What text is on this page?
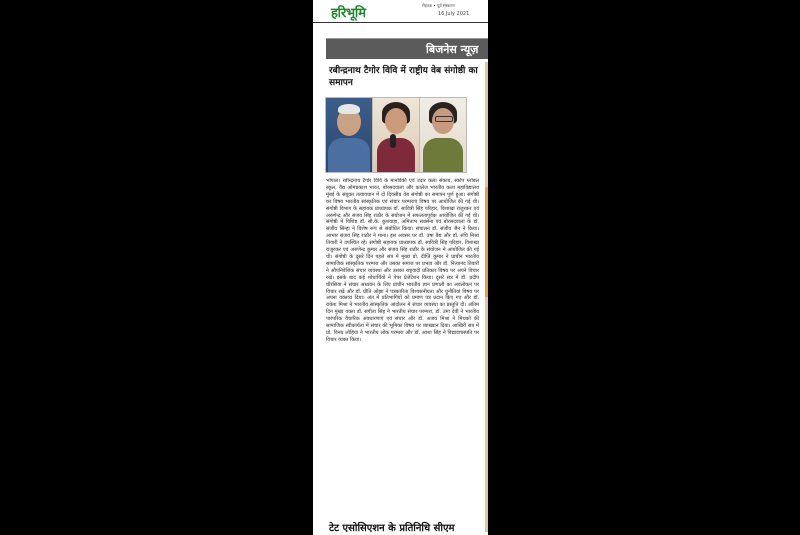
हरिभूमि
रोहतक • पूर्व संस्करण
16 July 2021
बिजनेस न्यूज़
रबीन्द्रनाथ टैगोर विवि में राष्ट्रीय वेब संगोष्ठी का समापन

भोपाल। रबीन्द्रनाथ टैगोर विवि के मानविकी एवं उदार कला संकाय, स्कोप ग्लोबल स्कूल, वैद्य ओमप्रकाश भारत, बोरसदवाला और कालेज भारतीय कला महाविद्यालय मुंबई के संयुक्त तत्वावधान में दो दिवसीय वेब संगोष्ठी का समापन पूर्ण हुआ। संगोष्ठी का विषय भारतीय सांस्कृतिक एवं संचार परम्पराएं विषय पर आयोजित की गई थी। संगोष्ठी विभाग के सहायक प्राध्यापक डॉ. सावित्री सिंह परिहार, विशाखा राजुरकर एवं अरुणेन्द्र और संजय सिंह राठौर के संयोजन में सफलतापूर्वक आयोजित की गई थी। संगोष्ठी में विशिष्ट डॉ. सी.के. कुशवाहा, अमिताभ सक्सेना एवं बोरसदवाला के डॉ. संजीव सिन्हा ने विशेष रूप से संबोधित किया। संचालन डॉ. संजीव जैन ने किया। आभार संजय सिंह राठौर ने माना। इस अवसर पर डॉ. उषा वैद्य और डॉ. रुचि मिश्रा तिवारी ने उपस्थित रहे। संगोष्ठी सहायक प्राध्यापक डॉ. सावित्री सिंह परिहार, विशाखा राजुरकर एवं अरुणेन्द्र कुमार और संजय सिंह राठौर के संयोजन में आयोजित की गई थी। संगोष्ठी के दूसरे दिन पहले सत्र में मुख्य प्रो. दीप्ति कुमार ने प्राचीन भारतीय सामाजिक सांस्कृतिक परम्परा और उसका समाज पर प्रभाव और डॉ. नित्यानंद तिवारी ने औपनिवेशिक संचार व्यवस्था और उसका राष्ट्रवादी प्रतिकार विषय पर अपने विचार रखे। इसके बाद कई शोधार्थियों ने पेपर प्रेजेंटेशन किया। दूसरे सत्र में डॉ. प्रदीप चौरसिया ने संचार अध्ययन के लिए प्राचीन भारतीय ज्ञान प्रणाली का अवलोकन पर विचार रखे और डॉ. प्रीति ओझा ने पत्रकारिता विश्वसनीयता और चुनौतियां विषय पर अपना वक्तव्य दिया। अंत में प्रतिभागियों को प्रमाण पत्र प्रदान किए गए और डॉ. राकेश मिश्रा ने भारतीय सांस्कृतिक आंदोलन में संचार व्यवस्था का प्रस्तुति दी। अंतिम दिन मुख्य वक्ता डॉ. संगीता सिंह ने भारतीय संचार परम्परा, डॉ. उमा देवी ने भारतीय पारंपरिक वैचारिक अवधारणाएं एवं संचार और डॉ. अजय मिश्रा ने मिथकों की सामाजिक स्वीकार्यता में संचार की भूमिका विषय पर व्याख्यान दिया। आखिरी सत्र में प्रो. विनय लोहिया ने भारतीय लोक परम्परा और डॉ. आशा सिंह ने विद्यावाचस्पति पर विचार व्यक्त किया।

टेट एसोसिएशन के प्रतिनिधि सीएम
